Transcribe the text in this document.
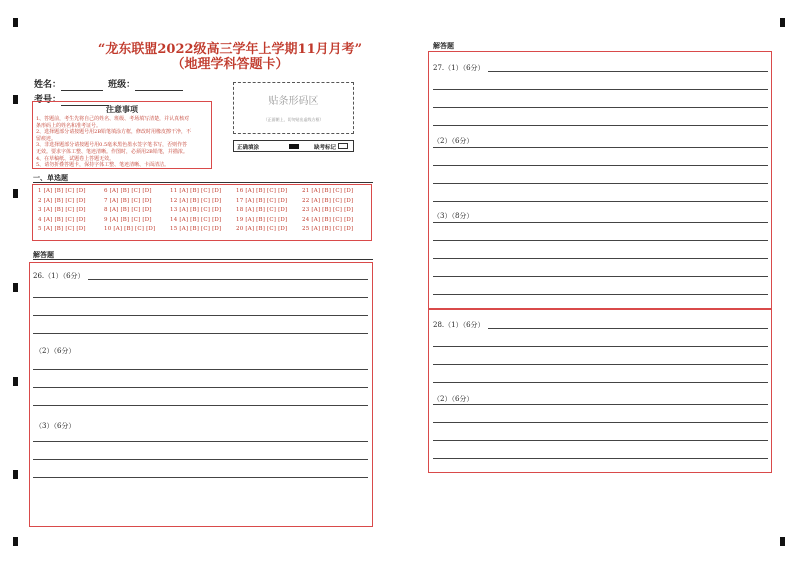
“龙东联盟2022级高三学年上学期11月月考”
（地理学科答题卡）
姓名：	班级：
考号：
注意事项

1、答题前，考生先将自己的姓名、班级、考场填写清楚，并认真核对

条形码上的姓名和准考证号。

2、选择题部分请按题号用2B铅笔填涂方框，修改时用橡皮擦干净，不

留痕迹。

3、非选择题部分请按题号用0.5毫米黑色墨水签字笔书写，否则作答

无效。要求字体工整、笔迹清晰。作图时，必须用2B铅笔，并描浓。

4、在草稿纸、试题卷上答题无效。

5、请勿折叠答题卡，保持字体工整、笔迹清晰、卡面清洁。

贴条形码区
（正面朝上，切勿贴出虚线方框）
正确填涂	缺考标记
一、单选题
1 [A] [B] [C] [D]	6 [A] [B] [C] [D]	11 [A] [B] [C] [D]	16 [A] [B] [C] [D]	21 [A] [B] [C] [D]
2 [A] [B] [C] [D]	7 [A] [B] [C] [D]	12 [A] [B] [C] [D]	17 [A] [B] [C] [D]	22 [A] [B] [C] [D]
3 [A] [B] [C] [D]	8 [A] [B] [C] [D]	13 [A] [B] [C] [D]	18 [A] [B] [C] [D]	23 [A] [B] [C] [D]
4 [A] [B] [C] [D]	9 [A] [B] [C] [D]	14 [A] [B] [C] [D]	19 [A] [B] [C] [D]	24 [A] [B] [C] [D]
5 [A] [B] [C] [D]	10 [A] [B] [C] [D]	15 [A] [B] [C] [D]	20 [A] [B] [C] [D]	25 [A] [B] [C] [D]
解答题
26.（1）（6分）
（2）（6分）
（3）（6分）
解答题
27.（1）（6分）
（2）（6分）
（3）（8分）
28.（1）（6分）
（2）（6分）
